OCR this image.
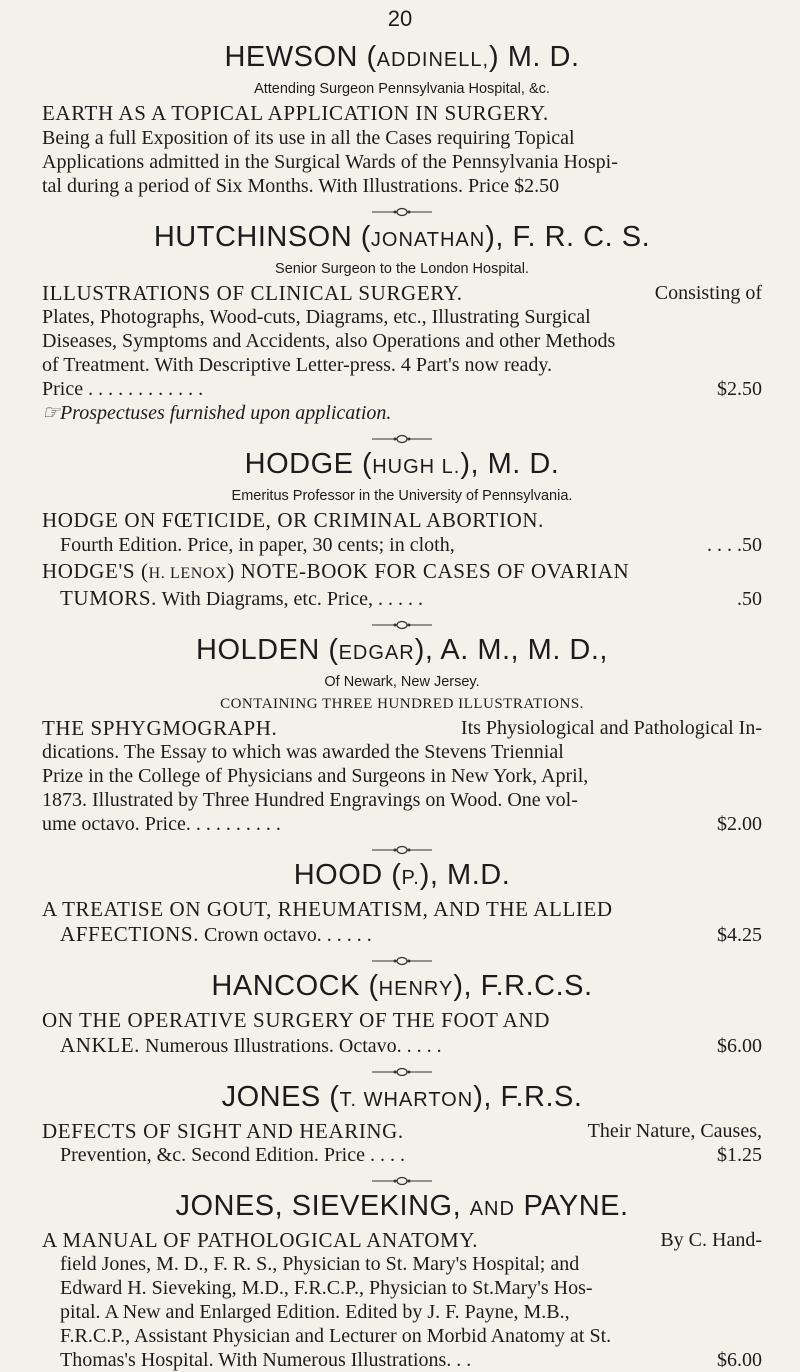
20

HEWSON (ADDINELL,) M. D.

Attending Surgeon Pennsylvania Hospital, &c.

EARTH AS A TOPICAL APPLICATION IN SURGERY.
Being a full Exposition of its use in all the Cases requiring Topical
Applications admitted in the Surgical Wards of the Pennsylvania Hospi-
tal during a period of Six Months. With Illustrations. Price $2.50

HUTCHINSON (JONATHAN), F. R. C. S.

Senior Surgeon to the London Hospital.

ILLUSTRATIONS OF CLINICAL SURGERY.	Consisting of
Plates, Photographs, Wood-cuts, Diagrams, etc., Illustrating Surgical
Diseases, Symptoms and Accidents, also Operations and other Methods
of Treatment. With Descriptive Letter-press. 4 Part's now ready.
Price . . . . . . . . . . . .	$2.50

☞Prospectuses furnished upon application.

HODGE (HUGH L.), M. D.

Emeritus Professor in the University of Pennsylvania.

HODGE ON FŒTICIDE, OR CRIMINAL ABORTION.
Fourth Edition. Price, in paper, 30 cents; in cloth,	. . . .50
HODGE'S (H. LENOX) NOTE-BOOK FOR CASES OF OVARIAN
TUMORS. With Diagrams, etc. Price, . . . . .	.50

HOLDEN (EDGAR), A. M., M. D.,

Of Newark, New Jersey.

CONTAINING THREE HUNDRED ILLUSTRATIONS.

THE SPHYGMOGRAPH.	Its Physiological and Pathological In-
dications. The Essay to which was awarded the Stevens Triennial
Prize in the College of Physicians and Surgeons in New York, April,
1873. Illustrated by Three Hundred Engravings on Wood. One vol-
ume octavo. Price. . . . . . . . . .	$2.00

HOOD (P.), M.D.

A TREATISE ON GOUT, RHEUMATISM, AND THE ALLIED
AFFECTIONS. Crown octavo. . . . . .	$4.25

HANCOCK (HENRY), F.R.C.S.

ON THE OPERATIVE SURGERY OF THE FOOT AND
ANKLE. Numerous Illustrations. Octavo. . . . .	$6.00

JONES (T. WHARTON), F.R.S.

DEFECTS OF SIGHT AND HEARING.	Their Nature, Causes,
Prevention, &c. Second Edition. Price . . . .	$1.25

JONES, SIEVEKING, AND PAYNE.

A MANUAL OF PATHOLOGICAL ANATOMY.	By C. Hand-
field Jones, M. D., F. R. S., Physician to St. Mary's Hospital; and
Edward H. Sieveking, M.D., F.R.C.P., Physician to St.Mary's Hos-
pital. A New and Enlarged Edition. Edited by J. F. Payne, M.B.,
F.R.C.P., Assistant Physician and Lecturer on Morbid Anatomy at St.
Thomas's Hospital. With Numerous Illustrations. . .	$6.00
